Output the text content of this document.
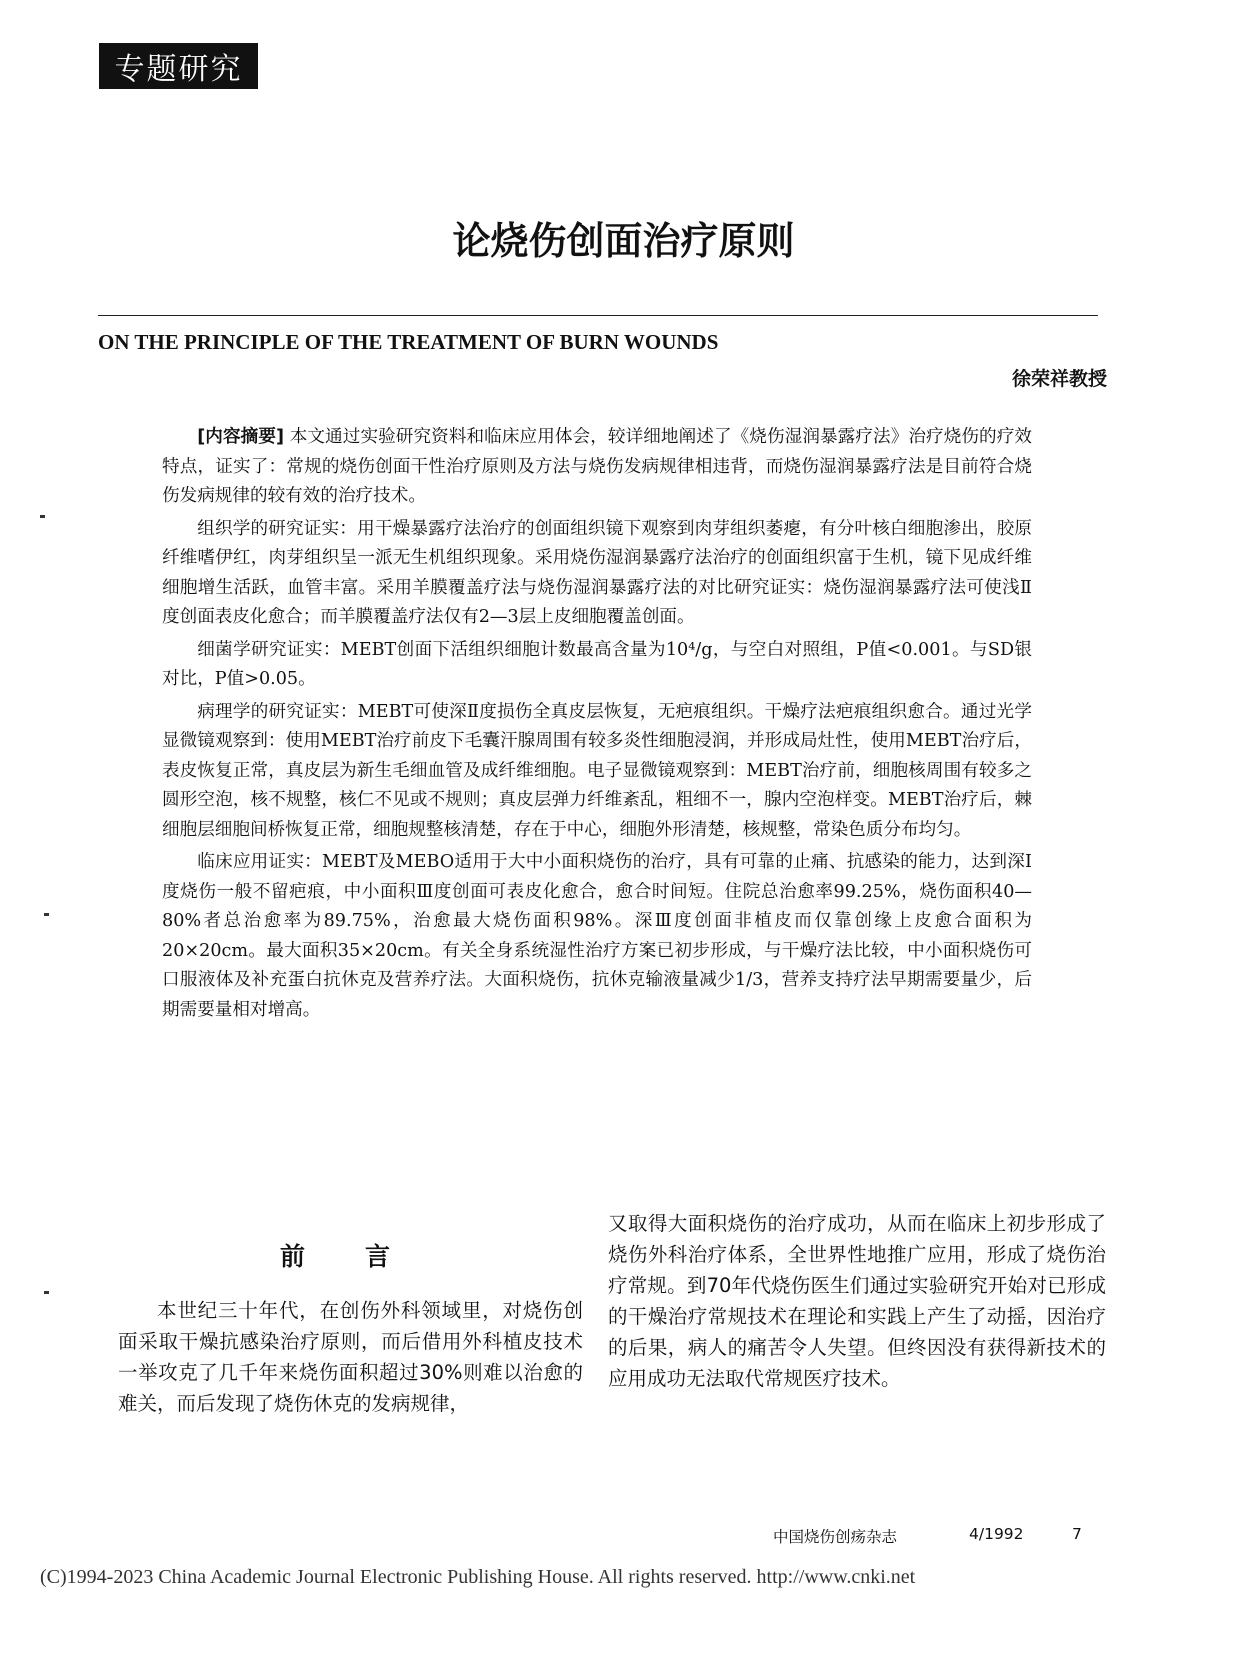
专题研究
论烧伤创面治疗原则
ON THE PRINCIPLE OF THE TREATMENT OF BURN WOUNDS
徐荣祥教授

[内容摘要] 本文通过实验研究资料和临床应用体会，较详细地阐述了《烧伤湿润暴露疗法》治疗烧伤的疗效特点，证实了：常规的烧伤创面干性治疗原则及方法与烧伤发病规律相违背，而烧伤湿润暴露疗法是目前符合烧伤发病规律的较有效的治疗技术。

组织学的研究证实：用干燥暴露疗法治疗的创面组织镜下观察到肉芽组织萎瘪，有分叶核白细胞渗出，胶原纤维嗜伊红，肉芽组织呈一派无生机组织现象。采用烧伤湿润暴露疗法治疗的创面组织富于生机，镜下见成纤维细胞增生活跃，血管丰富。采用羊膜覆盖疗法与烧伤湿润暴露疗法的对比研究证实：烧伤湿润暴露疗法可使浅Ⅱ度创面表皮化愈合；而羊膜覆盖疗法仅有2—3层上皮细胞覆盖创面。

细菌学研究证实：MEBT创面下活组织细胞计数最高含量为10⁴/g，与空白对照组，P值<0.001。与SD银对比，P值>0.05。

病理学的研究证实：MEBT可使深Ⅱ度损伤全真皮层恢复，无疤痕组织。干燥疗法疤痕组织愈合。通过光学显微镜观察到：使用MEBT治疗前皮下毛囊汗腺周围有较多炎性细胞浸润，并形成局灶性，使用MEBT治疗后，表皮恢复正常，真皮层为新生毛细血管及成纤维细胞。电子显微镜观察到：MEBT治疗前，细胞核周围有较多之圆形空泡，核不规整，核仁不见或不规则；真皮层弹力纤维紊乱，粗细不一，腺内空泡样变。MEBT治疗后，棘细胞层细胞间桥恢复正常，细胞规整核清楚，存在于中心，细胞外形清楚，核规整，常染色质分布均匀。

临床应用证实：MEBT及MEBO适用于大中小面积烧伤的治疗，具有可靠的止痛、抗感染的能力，达到深Ⅰ度烧伤一般不留疤痕，中小面积Ⅲ度创面可表皮化愈合，愈合时间短。住院总治愈率99.25%，烧伤面积40—80%者总治愈率为89.75%，治愈最大烧伤面积98%。深Ⅲ度创面非植皮而仅靠创缘上皮愈合面积为20×20cm。最大面积35×20cm。有关全身系统湿性治疗方案已初步形成，与干燥疗法比较，中小面积烧伤可口服液体及补充蛋白抗休克及营养疗法。大面积烧伤，抗休克输液量减少1/3，营养支持疗法早期需要量少，后期需要量相对增高。

前言

本世纪三十年代，在创伤外科领域里，对烧伤创面采取干燥抗感染治疗原则，而后借用外科植皮技术一举攻克了几千年来烧伤面积超过30%则难以治愈的难关，而后发现了烧伤休克的发病规律，

又取得大面积烧伤的治疗成功，从而在临床上初步形成了烧伤外科治疗体系，全世界性地推广应用，形成了烧伤治疗常规。到70年代烧伤医生们通过实验研究开始对已形成的干燥治疗常规技术在理论和实践上产生了动摇，因治疗的后果，病人的痛苦令人失望。但终因没有获得新技术的应用成功无法取代常规医疗技术。

中国烧伤创疡杂志	4/1992	7
(C)1994-2023 China Academic Journal Electronic Publishing House. All rights reserved. http://www.cnki.net
